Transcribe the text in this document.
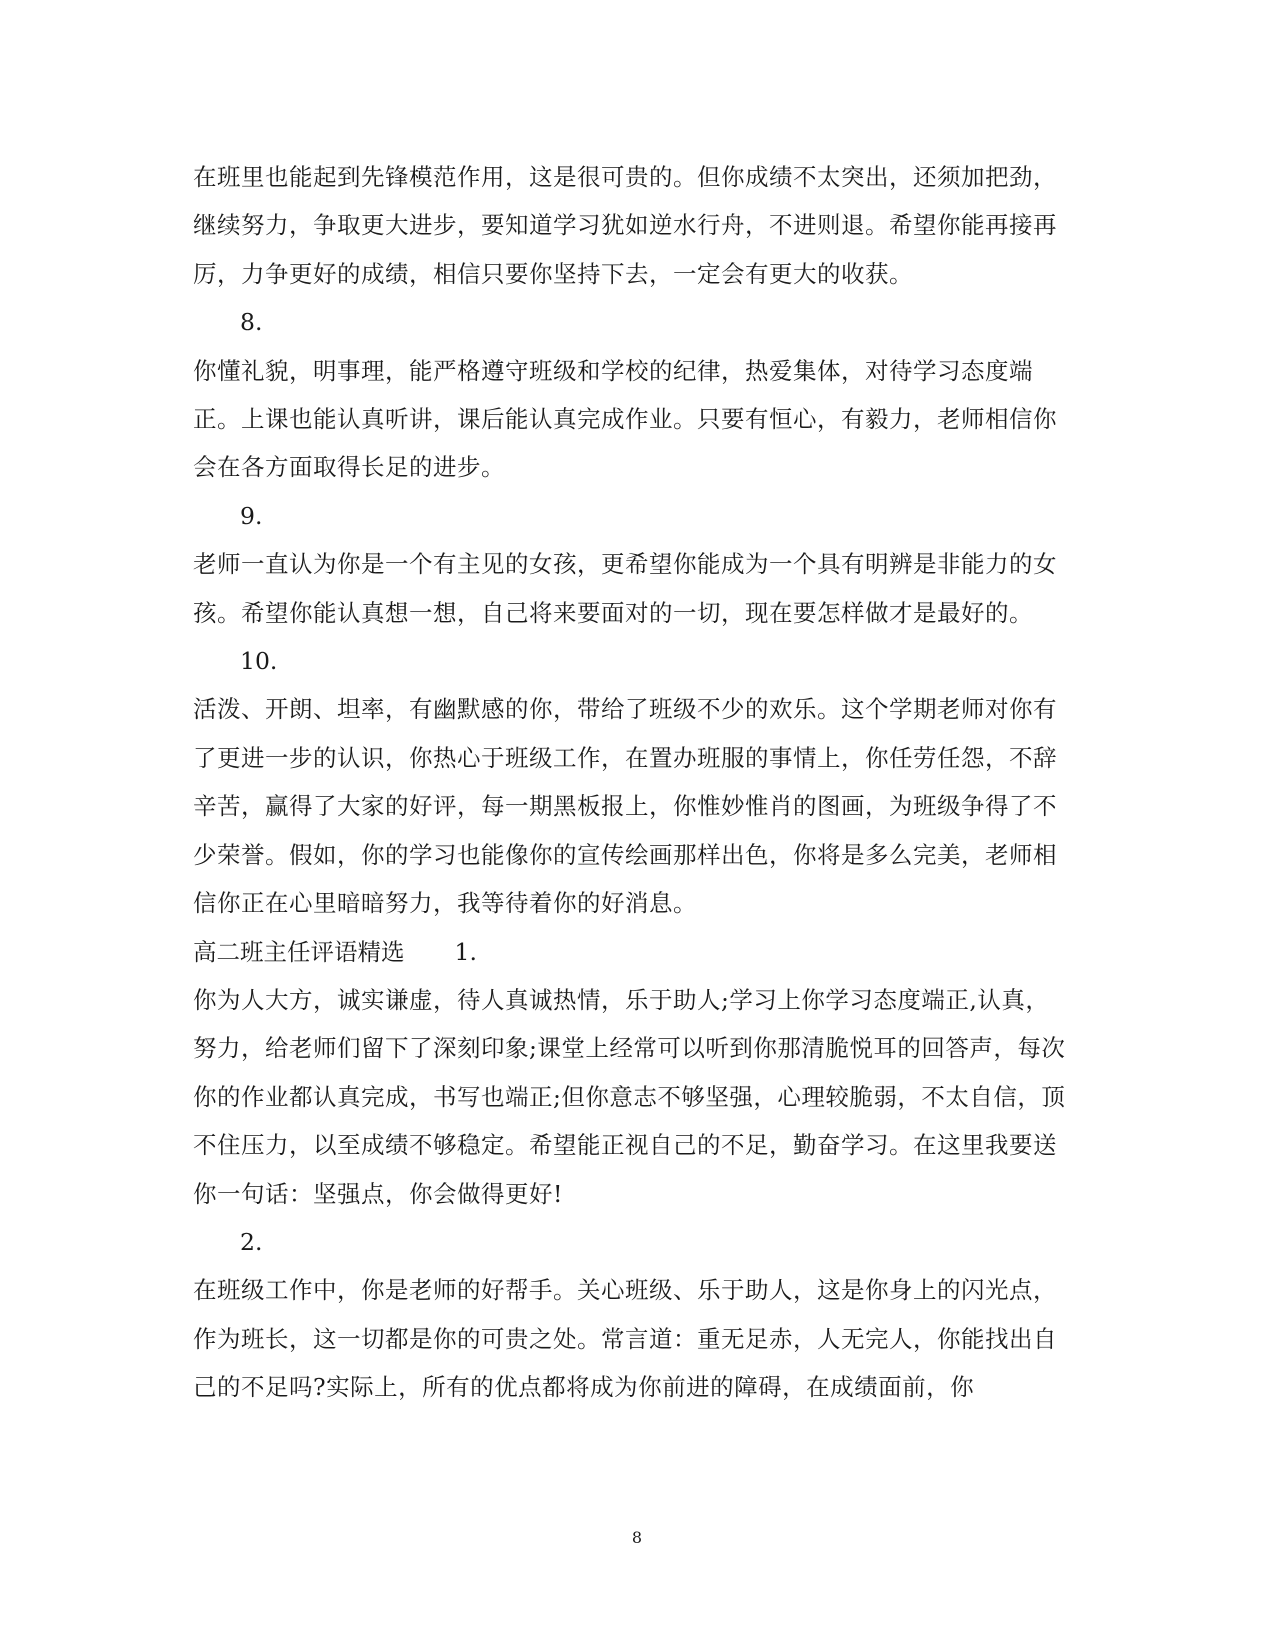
在班里也能起到先锋模范作用，这是很可贵的。但你成绩不太突出，还须加把劲，继续努力，争取更大进步，要知道学习犹如逆水行舟，不进则退。希望你能再接再厉，力争更好的成绩，相信只要你坚持下去，一定会有更大的收获。

8.

你懂礼貌，明事理，能严格遵守班级和学校的纪律，热爱集体，对待学习态度端正。上课也能认真听讲，课后能认真完成作业。只要有恒心，有毅力，老师相信你会在各方面取得长足的进步。

9.

老师一直认为你是一个有主见的女孩，更希望你能成为一个具有明辨是非能力的女孩。希望你能认真想一想，自己将来要面对的一切，现在要怎样做才是最好的。

10.

活泼、开朗、坦率，有幽默感的你，带给了班级不少的欢乐。这个学期老师对你有了更进一步的认识，你热心于班级工作，在置办班服的事情上，你任劳任怨，不辞辛苦，赢得了大家的好评，每一期黑板报上，你惟妙惟肖的图画，为班级争得了不少荣誉。假如，你的学习也能像你的宣传绘画那样出色，你将是多么完美，老师相信你正在心里暗暗努力，我等待着你的好消息。

高二班主任评语精选 1.

你为人大方，诚实谦虚，待人真诚热情，乐于助人;学习上你学习态度端正,认真，努力，给老师们留下了深刻印象;课堂上经常可以听到你那清脆悦耳的回答声，每次你的作业都认真完成，书写也端正;但你意志不够坚强，心理较脆弱，不太自信，顶不住压力，以至成绩不够稳定。希望能正视自己的不足，勤奋学习。在这里我要送你一句话：坚强点，你会做得更好!

2.

在班级工作中，你是老师的好帮手。关心班级、乐于助人，这是你身上的闪光点，作为班长，这一切都是你的可贵之处。常言道：重无足赤，人无完人，你能找出自己的不足吗?实际上，所有的优点都将成为你前进的障碍，在成绩面前，你

8
